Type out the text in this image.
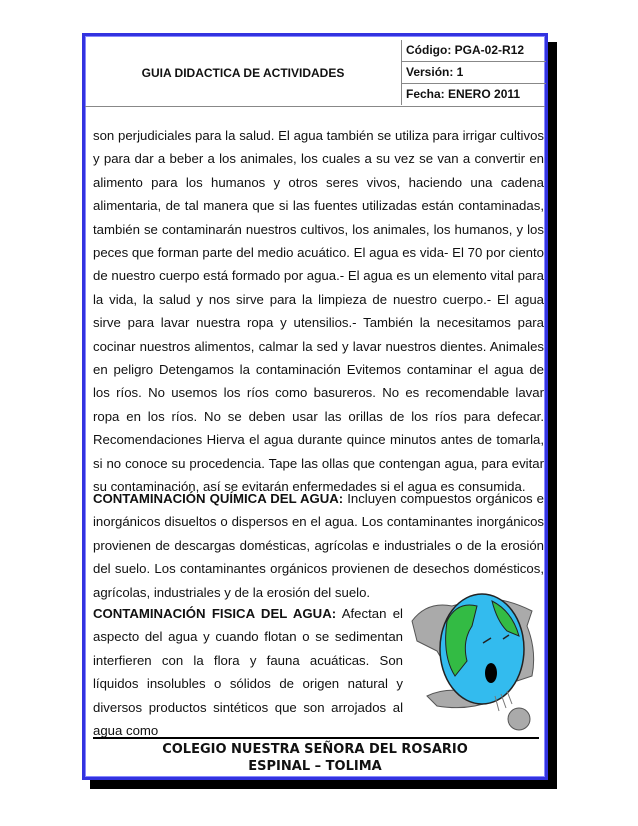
GUIA DIDACTICA DE ACTIVIDADES
Código: PGA-02-R12
Versión: 1
Fecha: ENERO 2011
son perjudiciales para la salud. El agua también se utiliza para irrigar cultivos y para dar a beber a los animales, los cuales a su vez se van a convertir en alimento para los humanos y otros seres vivos, haciendo una cadena alimentaria, de tal manera que si las fuentes utilizadas están contaminadas, también se contaminarán nuestros cultivos, los animales, los humanos, y los peces que forman parte del medio acuático. El agua es vida- El 70 por ciento de nuestro cuerpo está formado por agua.- El agua es un elemento vital para la vida, la salud y nos sirve para la limpieza de nuestro cuerpo.- El agua sirve para lavar nuestra ropa y utensilios.- También la necesitamos para cocinar nuestros alimentos, calmar la sed y lavar nuestros dientes. Animales en peligro Detengamos la contaminación Evitemos contaminar el agua de los ríos. No usemos los ríos como basureros. No es recomendable lavar ropa en los ríos. No se deben usar las orillas de los ríos para defecar. Recomendaciones Hierva el agua durante quince minutos antes de tomarla, si no conoce su procedencia. Tape las ollas que contengan agua, para evitar su contaminación, así se evitarán enfermedades si el agua es consumida.
CONTAMINACIÓN QUÍMICA DEL AGUA: Incluyen compuestos orgánicos e inorgánicos disueltos o dispersos en el agua. Los contaminantes inorgánicos provienen de descargas domésticas, agrícolas e industriales o de la erosión del suelo. Los contaminantes orgánicos provienen de desechos domésticos, agrícolas, industriales y de la erosión del suelo.
CONTAMINACIÓN FISICA DEL AGUA: Afectan el aspecto del agua y cuando flotan o se sedimentan interfieren con la flora y fauna acuáticas. Son líquidos insolubles o sólidos de origen natural y diversos productos sintéticos que son arrojados al agua como
COLEGIO NUESTRA SEÑORA DEL ROSARIO
ESPINAL – TOLIMA
